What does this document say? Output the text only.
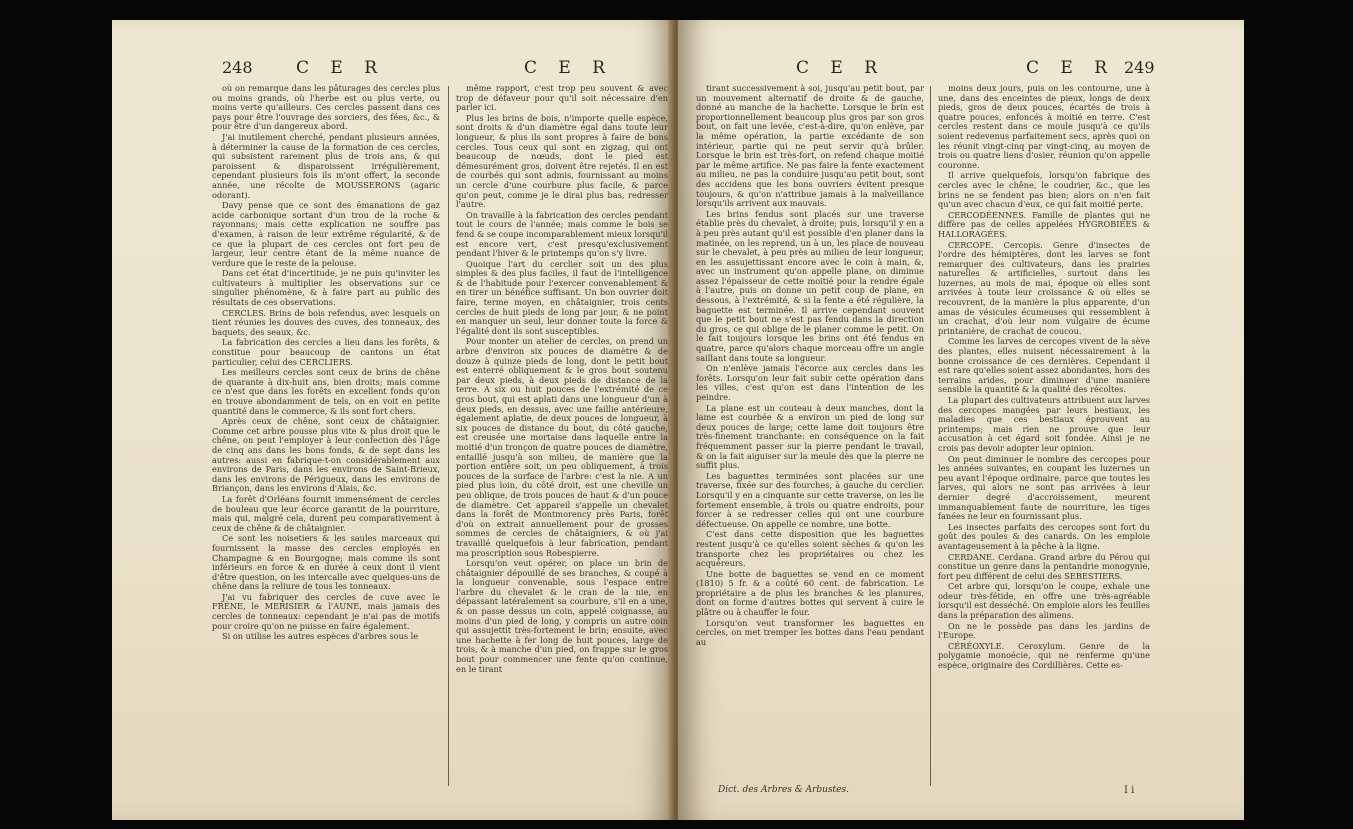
248	C E R	C E R

où on remarque dans les pâturages des cercles plus ou moins grands, où l'herbe est ou plus verte, ou moins verte qu'ailleurs. Ces cercles passent dans ces pays pour être l'ouvrage des sorciers, des fées, &c., & pour être d'un dangereux abord.

J'ai inutilement cherché, pendant plusieurs années, à déterminer la cause de la formation de ces cercles, qui subsistent rarement plus de trois ans, & qui paroissent & disparoissent irrégulièrement, cependant plusieurs fois ils m'ont offert, la seconde année, une récolte de MOUSSERONS (agaric odorant).

Davy pense que ce sont des émanations de gaz acide carbonique sortant d'un trou de la roche & rayonnans; mais cette explication ne souffre pas d'examen, à raison de leur extrême régularité, & de ce que la plupart de ces cercles ont fort peu de largeur, leur centre étant de la même nuance de verdure que le reste de la pelouse.

Dans cet état d'incertitude, je ne puis qu'inviter les cultivateurs à multiplier les observations sur ce singulier phénomène, & à faire part au public des résultats de ces observations.

CERCLES. Brins de bois refendus, avec lesquels on tient réunies les douves des cuves, des tonneaux, des baquets, des seaux, &c.

La fabrication des cercles a lieu dans les forêts, & constitue pour beaucoup de cantons un état particulier, celui des CERCLIERS.

Les meilleurs cercles sont ceux de brins de chêne de quarante à dix-huit ans, bien droits; mais comme ce n'est que dans les forêts en excellent fonds qu'on en trouve abondamment de tels, on en voit en petite quantité dans le commerce, & ils sont fort chers.

Après ceux de chêne, sont ceux de châtaignier. Comme cet arbre pousse plus vite & plus droit que le chêne, on peut l'employer à leur confection dès l'âge de cinq ans dans les bons fonds, & de sept dans les autres: aussi en fabrique-t-on considérablement aux environs de Paris, dans les environs de Saint-Brieux, dans les environs de Périgueux, dans les environs de Briançon, dans les environs d'Alais, &c.

La forêt d'Orléans fournit immensément de cercles de bouleau que leur écorce garantit de la pourriture, mais qui, malgré cela, durent peu comparativement à ceux de chêne & de châtaignier.

Ce sont les noisetiers & les saules marceaux qui fournissent la masse des cercles employés en Champagne & en Bourgogne; mais comme ils sont inférieurs en force & en durée à ceux dont il vient d'être question, on les intercalle avec quelques-uns de chêne dans la reliure de tous les tonneaux.

J'ai vu fabriquer des cercles de cuve avec le FRÊNE, le MERISIER & l'AUNE, mais jamais des cercles de tonneaux: cependant je n'ai pas de motifs pour croire qu'on ne puisse en faire également.

Si on utilise les autres espèces d'arbres sous le

même rapport, c'est trop peu souvent & avec trop de défaveur pour qu'il soit nécessaire d'en parler ici.

Plus les brins de bois, n'importe quelle espèce, sont droits & d'un diamètre égal dans toute leur longueur, & plus ils sont propres à faire de bons cercles. Tous ceux qui sont en zigzag, qui ont beaucoup de nœuds, dont le pied est démesurément gros, doivent être rejetés. Il en est de courbés qui sont admis, fournissant au moins un cercle d'une courbure plus facile, & parce qu'on peut, comme je le dirai plus bas, redresser l'autre.

On travaille à la fabrication des cercles pendant tout le cours de l'année; mais comme le bois se fend & se coupe incomparablement mieux lorsqu'il est encore vert, c'est presqu'exclusivement pendant l'hiver & le printemps qu'on s'y livre.

Quoique l'art du cerclier soit un des plus simples & des plus faciles, il faut de l'intelligence & de l'habitude pour l'exercer convenablement & en tirer un bénéfice suffisant. Un bon ouvrier doit faire, terme moyen, en châtaignier, trois cents cercles de huit pieds de long par jour, & ne point en manquer un seul, leur donner toute la force & l'égalité dont ils sont susceptibles.

Pour monter un atelier de cercles, on prend un arbre d'environ six pouces de diamètre & de douze à quinze pieds de long, dont le petit bout est enterré obliquement & le gros bout soutenu par deux pieds, à deux pieds de distance de la terre. A six ou huit pouces de l'extrémité de ce gros bout, qui est aplati dans une longueur d'un à deux pieds, en dessus, avec une faillie antérieure, également aplatie, de deux pouces de longueur, à six pouces de distance du bout, du côté gauche, est creusée une mortaise dans laquelle entre la moitié d'un tronçon de quatre pouces de diamètre, entaillé jusqu'à son milieu, de manière que la portion entière soit, un peu obliquement, à trois pouces de la surface de l'arbre: c'est la nie. A un pied plus loin, du côté droit, est une cheville un peu oblique, de trois pouces de haut & d'un pouce de diamètre. Cet appareil s'appelle un chevalet dans la forêt de Montmorency près Paris, forêt d'où on extrait annuellement pour de grosses sommes de cercles de châtaigniers, & où j'ai travaillé quelquefois à leur fabrication, pendant ma proscription sous Robespierre.

Lorsqu'on veut opérer, on place un brin de châtaignier dépouillé de ses branches, & coupé à la longueur convenable, sous l'espace entre l'arbre du chevalet & le cran de la nie, en dépassant latéralement sa courbure, s'il en a une, & on passe dessus un coin, appelé coignasse, au moins d'un pied de long, y compris un autre coin qui assujettit très-fortement le brin; ensuite, avec une hachette à fer long de huit pouces, large de trois, & à manche d'un pied, on frappe sur le gros bout pour commencer une fente qu'on continue, en le tirant

C E R	C E R 249

tirant successivement à soi, jusqu'au petit bout, par un mouvement alternatif de droite & de gauche, donné au manche de la hachette. Lorsque le brin est proportionnellement beaucoup plus gros par son gros bout, on fait une levée, c'est-à-dire, qu'on enlève, par la même opération, la partie excédante de son intérieur, partie qui ne peut servir qu'à brûler. Lorsque le brin est très-fort, on refend chaque moitié par le même artifice. Ne pas faire la fente exactement au milieu, ne pas la conduire jusqu'au petit bout, sont des accidens que les bons ouvriers évitent presque toujours, & qu'on n'attribue jamais à la malveillance lorsqu'ils arrivent aux mauvais.

Les brins fendus sont placés sur une traverse établie près du chevalet, à droite; puis, lorsqu'il y en a à peu près autant qu'il est possible d'en planer dans la matinée, on les reprend, un à un, les place de nouveau sur le chevalet, à peu près au milieu de leur longueur, en les assujettissant encore avec le coin à main, &, avec un instrument qu'on appelle plane, on diminue assez l'épaisseur de cette moitié pour la rendre égale à l'autre, puis on donne un petit coup de plane, en dessous, à l'extrémité, & si la fente a été régulière, la baguette est terminée. Il arrive cependant souvent que le petit bout ne s'est pas fendu dans la direction du gros, ce qui oblige de le planer comme le petit. On le fait toujours lorsque les brins ont été fendus en quatre, parce qu'alors chaque morceau offre un angle saillant dans toute sa longueur.

On n'enlève jamais l'écorce aux cercles dans les forêts. Lorsqu'on leur fait subir cette opération dans les villes, c'est qu'on est dans l'intention de les peindre.

La plane est un couteau à deux manches, dont la lame est courbée & a environ un pied de long sur deux pouces de large; cette lame doit toujours être très-finement tranchante: en conséquence on la fait fréquemment passer sur la pierre pendant le travail, & on la fait aiguiser sur la meule dès que la pierre ne suffit plus.

Les baguettes terminées sont placées sur une traverse, fixée sur des fourches, à gauche du cerclier. Lorsqu'il y en a cinquante sur cette traverse, on les lie fortement ensemble, à trois ou quatre endroits, pour forcer à se redresser celles qui ont une courbure défectueuse. On appelle ce nombre, une botte.

C'est dans cette disposition que les baguettes restent jusqu'à ce qu'elles soient sèches & qu'on les transporte chez les propriétaires ou chez les acquéreurs.

Une botte de baguettes se vend en ce moment (1810) 5 fr. & a coûté 60 cent. de fabrication. Le propriétaire a de plus les branches & les planures, dont on forme d'autres bottes qui servent à cuire le plâtre ou à chauffer le four.

Lorsqu'on veut transformer les baguettes en cercles, on met tremper les bottes dans l'eau pendant au

moins deux jours, puis on les contourne, une à une, dans des enceintes de pieux, longs de deux pieds, gros de deux pouces, écartés de trois à quatre pouces, enfoncés à moitié en terre. C'est cercles restent dans ce moule jusqu'à ce qu'ils soient redevenus parfaitement secs, après quoi on les réunit vingt-cinq par vingt-cinq, au moyen de trois ou quatre liens d'osier, réunion qu'on appelle couronne.

Il arrive quelquefois, lorsqu'on fabrique des cercles avec le chêne, le coudrier, &c., que les brins ne se fendent pas bien; alors on n'en fait qu'un avec chacun d'eux, ce qui fait moitié perte.

CERCODÉENNES. Famille de plantes qui ne diffère pas de celles appelées HYGROBIÉES & HALLORAGÉES.

CERCOPE. Cercopis. Genre d'insectes de l'ordre des hémiptères, dont les larves se font remarquer des cultivateurs, dans les prairies naturelles & artificielles, surtout dans les luzernes, au mois de mai, époque où elles sont arrivées à toute leur croissance & où elles se recouvrent, de la manière la plus apparente, d'un amas de vésicules écumeuses qui ressemblent à un crachat, d'où leur nom vulgaire de écume printanière, de crachat de coucou.

Comme les larves de cercopes vivent de la sève des plantes, elles nuisent nécessairement à la bonne croissance de ces dernières. Cependant il est rare qu'elles soient assez abondantes, hors des terrains arides, pour diminuer d'une manière sensible la quantité & la qualité des récoltes.

La plupart des cultivateurs attribuent aux larves des cercopes mangées par leurs bestiaux, les maladies que ces bestiaux éprouvent au printemps; mais rien ne prouve que leur accusation à cet égard soit fondée. Ainsi je ne crois pas devoir adopter leur opinion.

On peut diminuer le nombre des cercopes pour les années suivantes, en coupant les luzernes un peu avant l'époque ordinaire, parce que toutes les larves, qui alors ne sont pas arrivées à leur dernier degré d'accroissement, meurent immanquablement faute de nourriture, les tiges fanées ne leur en fournissant plus.

Les insectes parfaits des cercopes sont fort du goût des poules & des canards. On les emploie avantageusement à la pêche à la ligne.

CERDANE. Cerdana. Grand arbre du Pérou qui constitue un genre dans la pentandrie monogynie, fort peu différent de celui des SEBESTIERS.

Cet arbre qui, lorsqu'on le coupe, exhale une odeur très-fétide, en offre une très-agréable lorsqu'il est desséché. On emploie alors les feuilles dans la préparation des alimens.

On ne le possède pas dans les jardins de l'Europe.

CÉRÉOXYLE. Ceroxylum. Genre de la polygamie monoécie, qui ne renferme qu'une espèce, originaire des Cordillières. Cette es-

Dict. des Arbres & Arbustes.	I i
